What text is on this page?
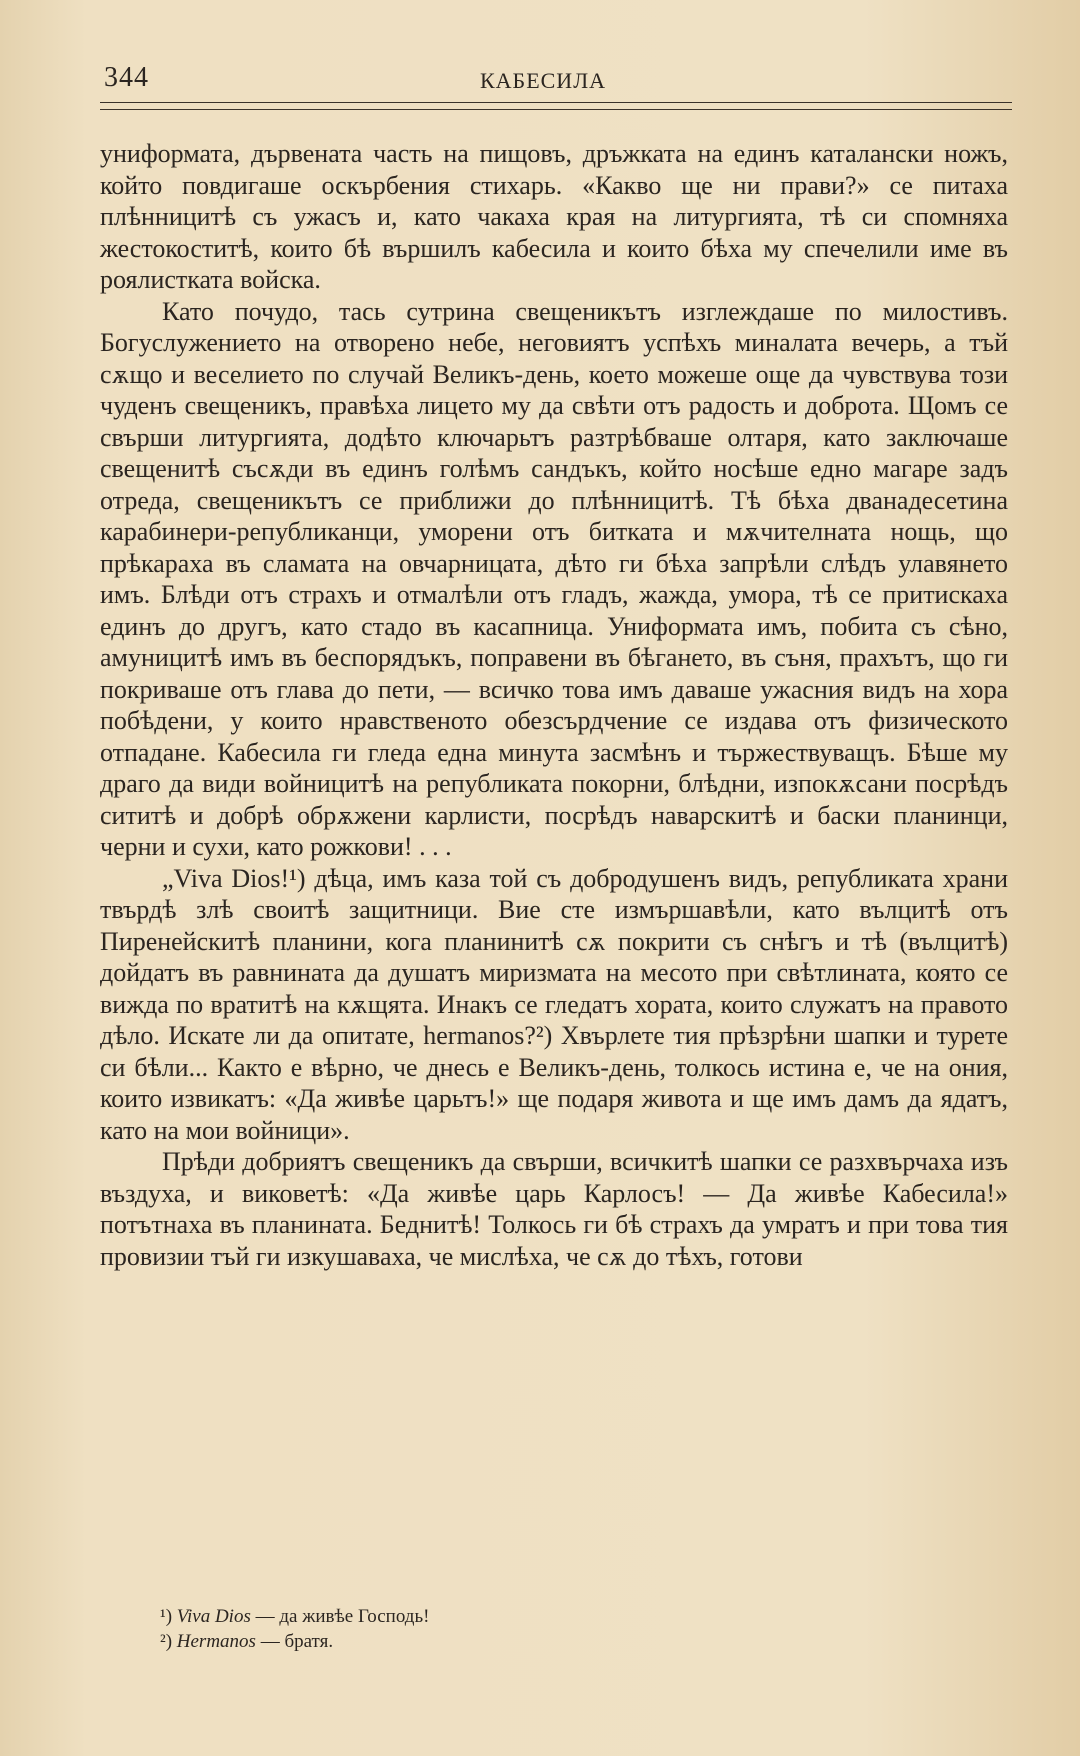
344	КАБЕСИЛА

униформата, дървената часть на пищовъ, дръжката на единъ каталански ножъ, който повдигаше оскърбения стихарь. «Какво ще ни прави?» се питаха плѣнницитѣ съ ужасъ и, като чакаха края на литургията, тѣ си спомняха жестокоститѣ, които бѣ вършилъ кабесила и които бѣха му спечелили име въ роялистката войска.

Като почудо, тась сутрина свещеникътъ изглеждаше по милостивъ. Богуслужението на отворено небе, неговиятъ успѣхъ миналата вечерь, а тъй сѫщо и веселието по случай Великъ-день, което можеше още да чувствува този чуденъ свещеникъ, правѣха лицето му да свѣти отъ радость и доброта. Щомъ се свърши литургията, додѣто ключарьтъ разтрѣбваше олтаря, като заключаше свещенитѣ съсѫди въ единъ голѣмъ сандъкъ, който носѣше едно магаре задъ отреда, свещеникътъ се приближи до плѣнницитѣ. Тѣ бѣха дванадесетина карабинери-републиканци, уморени отъ битката и мѫчителната нощь, що прѣкараха въ сламата на овчарницата, дѣто ги бѣха запрѣли слѣдъ улавянето имъ. Блѣди отъ страхъ и отмалѣли отъ гладъ, жажда, умора, тѣ се притискаха единъ до другъ, като стадо въ касапница. Униформата имъ, побита съ сѣно, амуницитѣ имъ въ беспорядъкъ, поправени въ бѣгането, въ съня, прахътъ, що ги покриваше отъ глава до пети, — всичко това имъ даваше ужасния видъ на хора побѣдени, у които нравственото обезсърдчение се издава отъ физическото отпадане. Кабесила ги гледа една минута засмѣнъ и тържествуващъ. Бѣше му драго да види войницитѣ на републиката покорни, блѣдни, изпокѫсани посрѣдъ сититѣ и добрѣ обрѫжени карлисти, посрѣдъ наварскитѣ и баски планинци, черни и сухи, като рожкови! . . .

„Viva Dios!¹) дѣца, имъ каза той съ добродушенъ видъ, републиката храни твърдѣ злѣ своитѣ защитници. Вие сте измършавѣли, като вълцитѣ отъ Пиренейскитѣ планини, кога планинитѣ сѫ покрити съ снѣгъ и тѣ (вълцитѣ) дойдатъ въ равнината да душатъ миризмата на месото при свѣтлината, която се вижда по вратитѣ на кѫщята. Инакъ се гледатъ хората, които служатъ на правото дѣло. Искате ли да опитате, hermanos?²) Хвърлете тия прѣзрѣни шапки и турете си бѣли... Както е вѣрно, че днесь е Великъ-день, толкось истина е, че на ония, които извикатъ: «Да живѣе царьтъ!» ще подаря живота и ще имъ дамъ да ядатъ, като на мои войници».

Прѣди добриятъ свещеникъ да свърши, всичкитѣ шапки се разхвърчаха изъ въздуха, и виковетѣ: «Да живѣе царь Карлосъ! — Да живѣе Кабесила!» потътнаха въ планината. Беднитѣ! Толкось ги бѣ страхъ да умратъ и при това тия провизии тъй ги изкушаваха, че мислѣха, че сѫ до тѣхъ, готови

¹) Viva Dios — да живѣе Господь!
²) Hermanos — братя.
